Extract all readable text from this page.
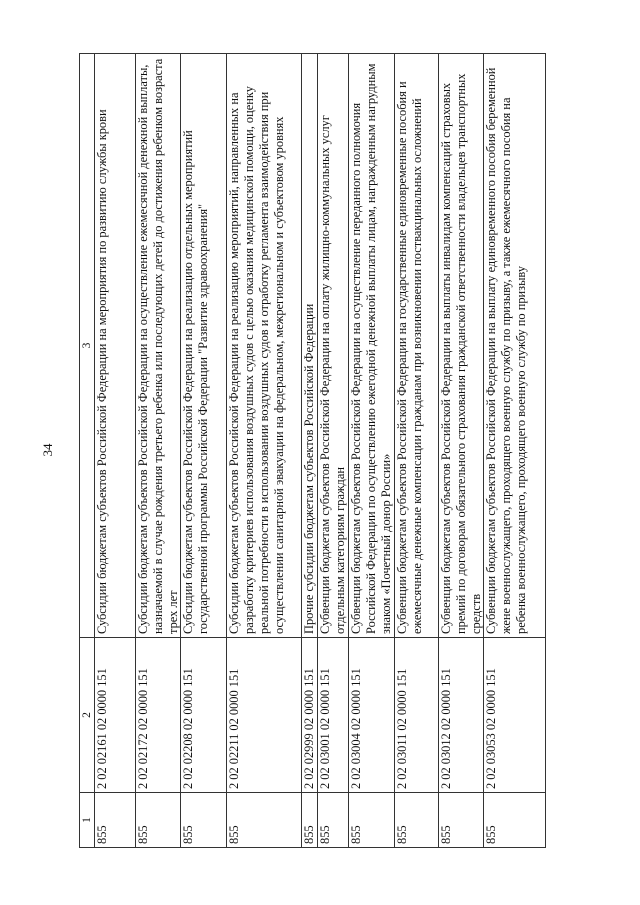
34
1	2	3
855	2 02 02161 02 0000 151	Субсидии бюджетам субъектов Российской Федерации на мероприятия по развитию службы крови
855	2 02 02172 02 0000 151	Субсидии бюджетам субъектов Российской Федерации на осуществление ежемесячной денежной выплаты, назначаемой в случае рождения третьего ребенка или последующих детей до достижения ребенком возраста трех лет
855	2 02 02208 02 0000 151	Субсидии бюджетам субъектов Российской Федерации на реализацию отдельных мероприятий государственной программы Российской Федерации "Развитие здравоохранения"
855	2 02 02211 02 0000 151	Субсидии бюджетам субъектов Российской Федерации на реализацию мероприятий, направленных на разработку критериев использования воздушных судов с целью оказания медицинской помощи, оценку реальной потребности в использовании воздушных судов и отработку регламента взаимодействия при осуществлении санитарной эвакуации на федеральном, межрегиональном и субъектовом уровнях
855	2 02 02999 02 0000 151	Прочие субсидии бюджетам субъектов Российской Федерации
855	2 02 03001 02 0000 151	Субвенции бюджетам субъектов Российской Федерации на оплату жилищно-коммунальных услуг отдельным категориям граждан
855	2 02 03004 02 0000 151	Субвенции бюджетам субъектов Российской Федерации на осуществление переданного полномочия Российской Федерации по осуществлению ежегодной денежной выплаты лицам, награжденным нагрудным знаком «Почетный донор России»
855	2 02 03011 02 0000 151	Субвенции бюджетам субъектов Российской Федерации на государственные единовременные пособия и ежемесячные денежные компенсации гражданам при возникновении поствакцинальных осложнений
855	2 02 03012 02 0000 151	Субвенции бюджетам субъектов Российской Федерации на выплаты инвалидам компенсаций страховых премий по договорам обязательного страхования гражданской ответственности владельцев транспортных средств
855	2 02 03053 02 0000 151	Субвенции бюджетам субъектов Российской Федерации на выплату единовременного пособия беременной жене военнослужащего, проходящего военную службу по призыву, а также ежемесячного пособия на ребенка военнослужащего, проходящего военную службу по призыву
